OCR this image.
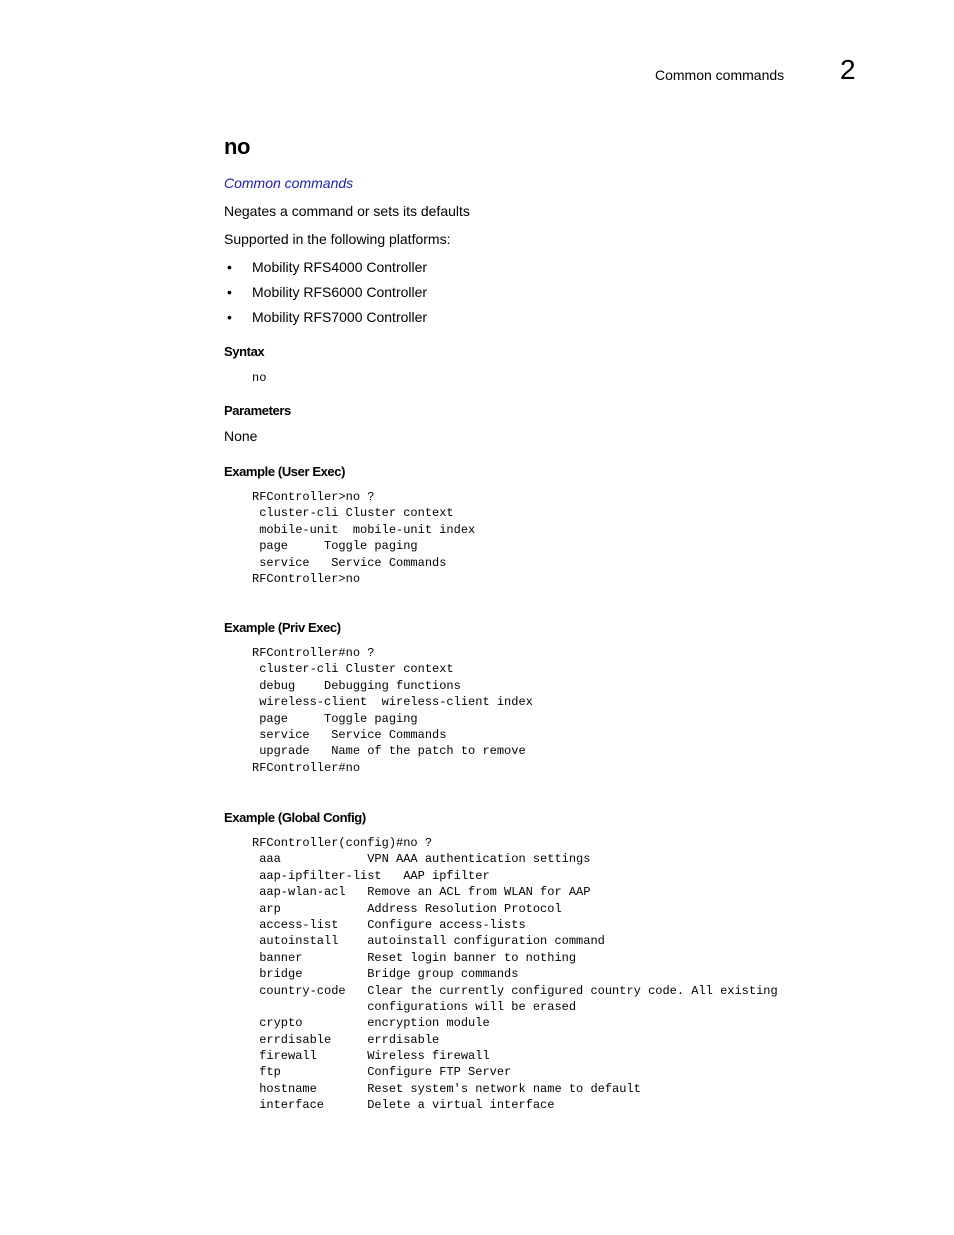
Common commands 2
no
Common commands
Negates a command or sets its defaults
Supported in the following platforms:
• Mobility RFS4000 Controller
• Mobility RFS6000 Controller
• Mobility RFS7000 Controller
Syntax
no
Parameters
None
Example (User Exec)
RFController>no ?
cluster-cli Cluster context
mobile-unit  mobile-unit index
page     Toggle paging
service   Service Commands
RFController>no
Example (Priv Exec)
RFController#no ?
cluster-cli Cluster context
debug    Debugging functions
wireless-client  wireless-client index
page     Toggle paging
service   Service Commands
upgrade   Name of the patch to remove
RFController#no
Example (Global Config)
RFController(config)#no ?
aaa            VPN AAA authentication settings
aap-ipfilter-list   AAP ipfilter
aap-wlan-acl   Remove an ACL from WLAN for AAP
arp            Address Resolution Protocol
access-list    Configure access-lists
autoinstall    autoinstall configuration command
banner         Reset login banner to nothing
bridge         Bridge group commands
country-code   Clear the currently configured country code. All existing
configurations will be erased
crypto         encryption module
errdisable     errdisable
firewall       Wireless firewall
ftp            Configure FTP Server
hostname       Reset system's network name to default
interface      Delete a virtual interface
